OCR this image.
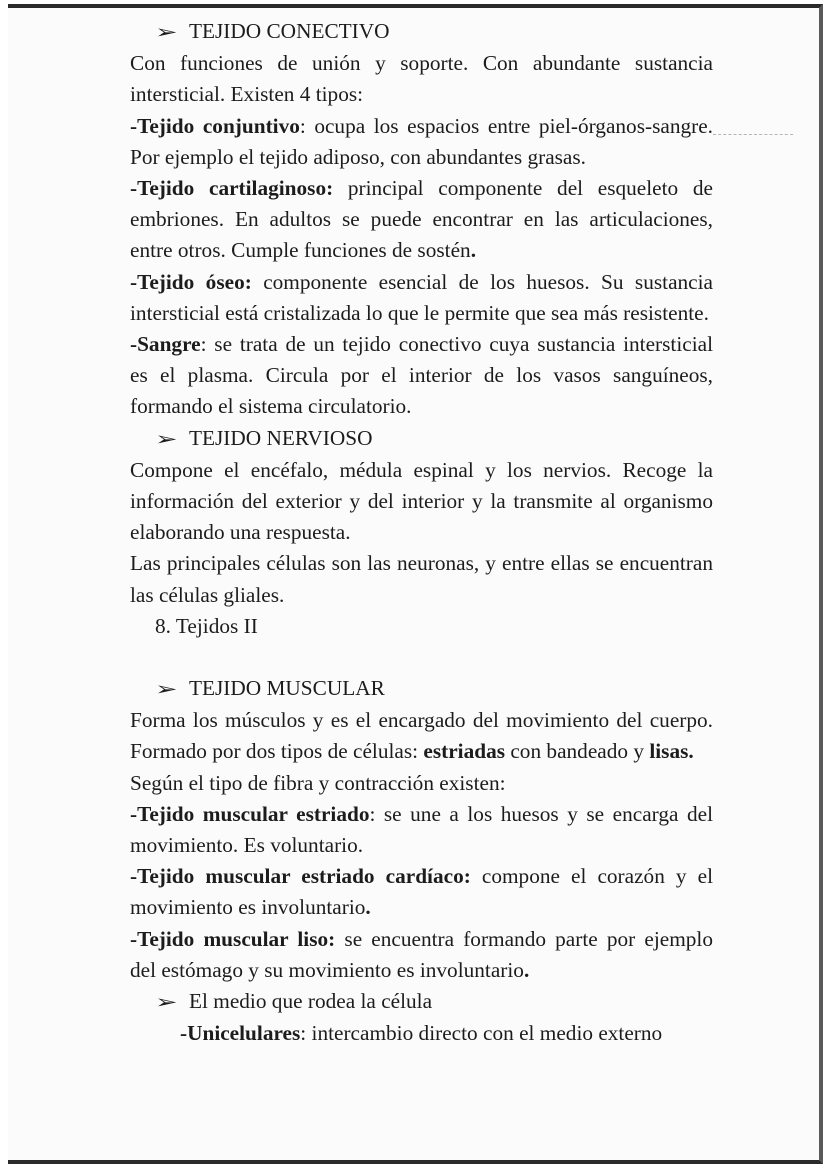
➢ TEJIDO CONECTIVO

Con funciones de unión y soporte. Con abundante sustancia intersticial. Existen 4 tipos:

-Tejido conjuntivo: ocupa los espacios entre piel-órganos-sangre. Por ejemplo el tejido adiposo, con abundantes grasas.

-Tejido cartilaginoso: principal componente del esqueleto de embriones. En adultos se puede encontrar en las articulaciones, entre otros. Cumple funciones de sostén.

-Tejido óseo: componente esencial de los huesos. Su sustancia intersticial está cristalizada lo que le permite que sea más resistente.

-Sangre: se trata de un tejido conectivo cuya sustancia intersticial es el plasma. Circula por el interior de los vasos sanguíneos, formando el sistema circulatorio.

➢ TEJIDO NERVIOSO

Compone el encéfalo, médula espinal y los nervios. Recoge la información del exterior y del interior y la transmite al organismo elaborando una respuesta.

Las principales células son las neuronas, y entre ellas se encuentran las células gliales.

8. Tejidos II

➢ TEJIDO MUSCULAR

Forma los músculos y es el encargado del movimiento del cuerpo. Formado por dos tipos de células: estriadas con bandeado y lisas.

Según el tipo de fibra y contracción existen:

-Tejido muscular estriado: se une a los huesos y se encarga del movimiento. Es voluntario.

-Tejido muscular estriado cardíaco: compone el corazón y el movimiento es involuntario.

-Tejido muscular liso: se encuentra formando parte por ejemplo del estómago y su movimiento es involuntario.

➢ El medio que rodea la célula

-Unicelulares: intercambio directo con el medio externo
